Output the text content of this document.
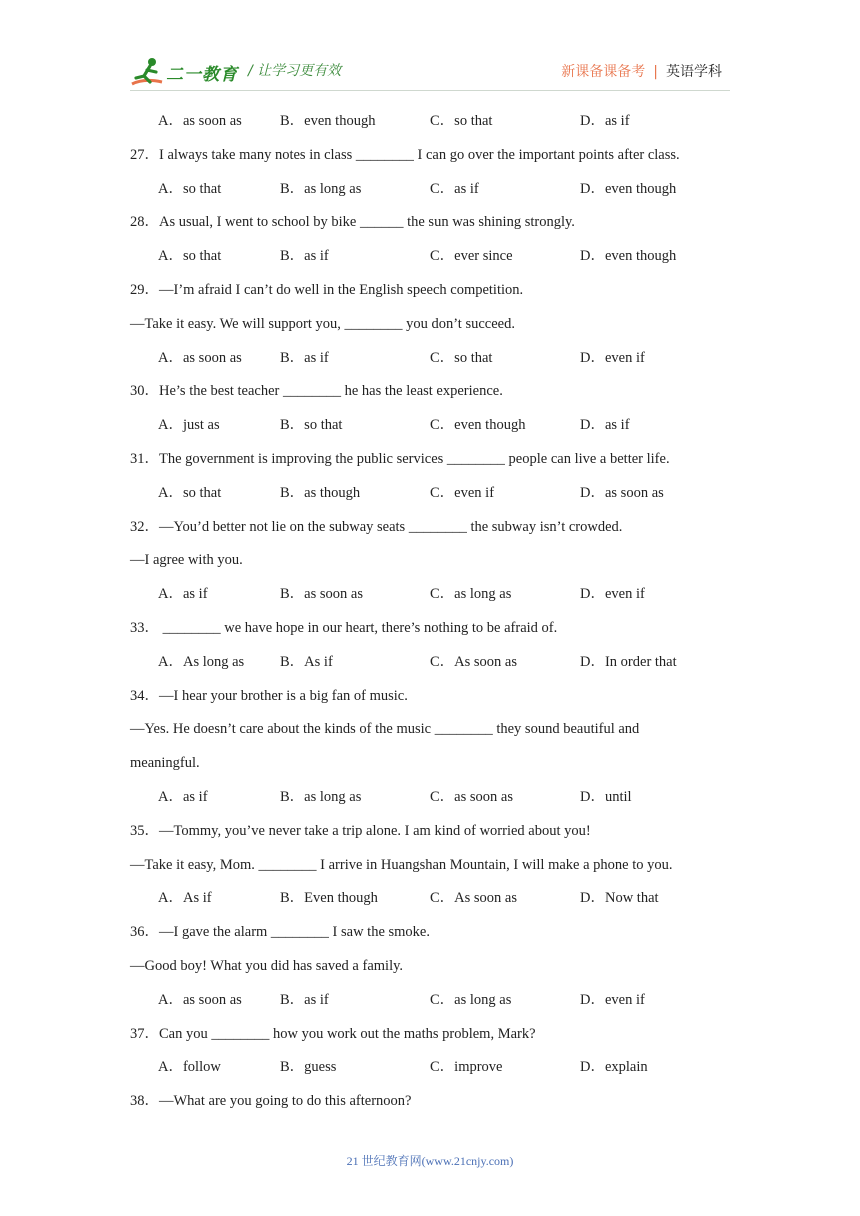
二一教育 / 让学习更有效	新课备课备考 | 英语学科
A．as soon as	B．even though	C．so that	D．as if
27．I always take many notes in class ________ I can go over the important points after class.
A．so that	B．as long as	C．as if	D．even though
28．As usual, I went to school by bike ______ the sun was shining strongly.
A．so that	B．as if	C．ever since	D．even though
29．—I’m afraid I can’t do well in the English speech competition.
—Take it easy. We will support you, ________ you don’t succeed.
A．as soon as	B．as if	C．so that	D．even if
30．He’s the best teacher ________ he has the least experience.
A．just as	B．so that	C．even though	D．as if
31．The government is improving the public services ________ people can live a better life.
A．so that	B．as though	C．even if	D．as soon as
32．—You’d better not lie on the subway seats ________ the subway isn’t crowded.
—I agree with you.
A．as if	B．as soon as	C．as long as	D．even if
33． ________ we have hope in our heart, there’s nothing to be afraid of.
A．As long as B．As if	C．As soon as	D．In order that
34．—I hear your brother is a big fan of music.
—Yes. He doesn’t care about the kinds of the music ________ they sound beautiful and
meaningful.
A．as if	B．as long as	C．as soon as	D．until
35．—Tommy, you’ve never take a trip alone. I am kind of worried about you!
—Take it easy, Mom. ________ I arrive in Huangshan Mountain, I will make a phone to you.
A．As if	B．Even though	C．As soon as	D．Now that
36．—I gave the alarm ________ I saw the smoke.
—Good boy! What you did has saved a family.
A．as soon as	B．as if	C．as long as	D．even if
37．Can you ________ how you work out the maths problem, Mark?
A．follow	B．guess	C．improve	D．explain
38．—What are you going to do this afternoon?
21 世纪教育网(www.21cnjy.com)
